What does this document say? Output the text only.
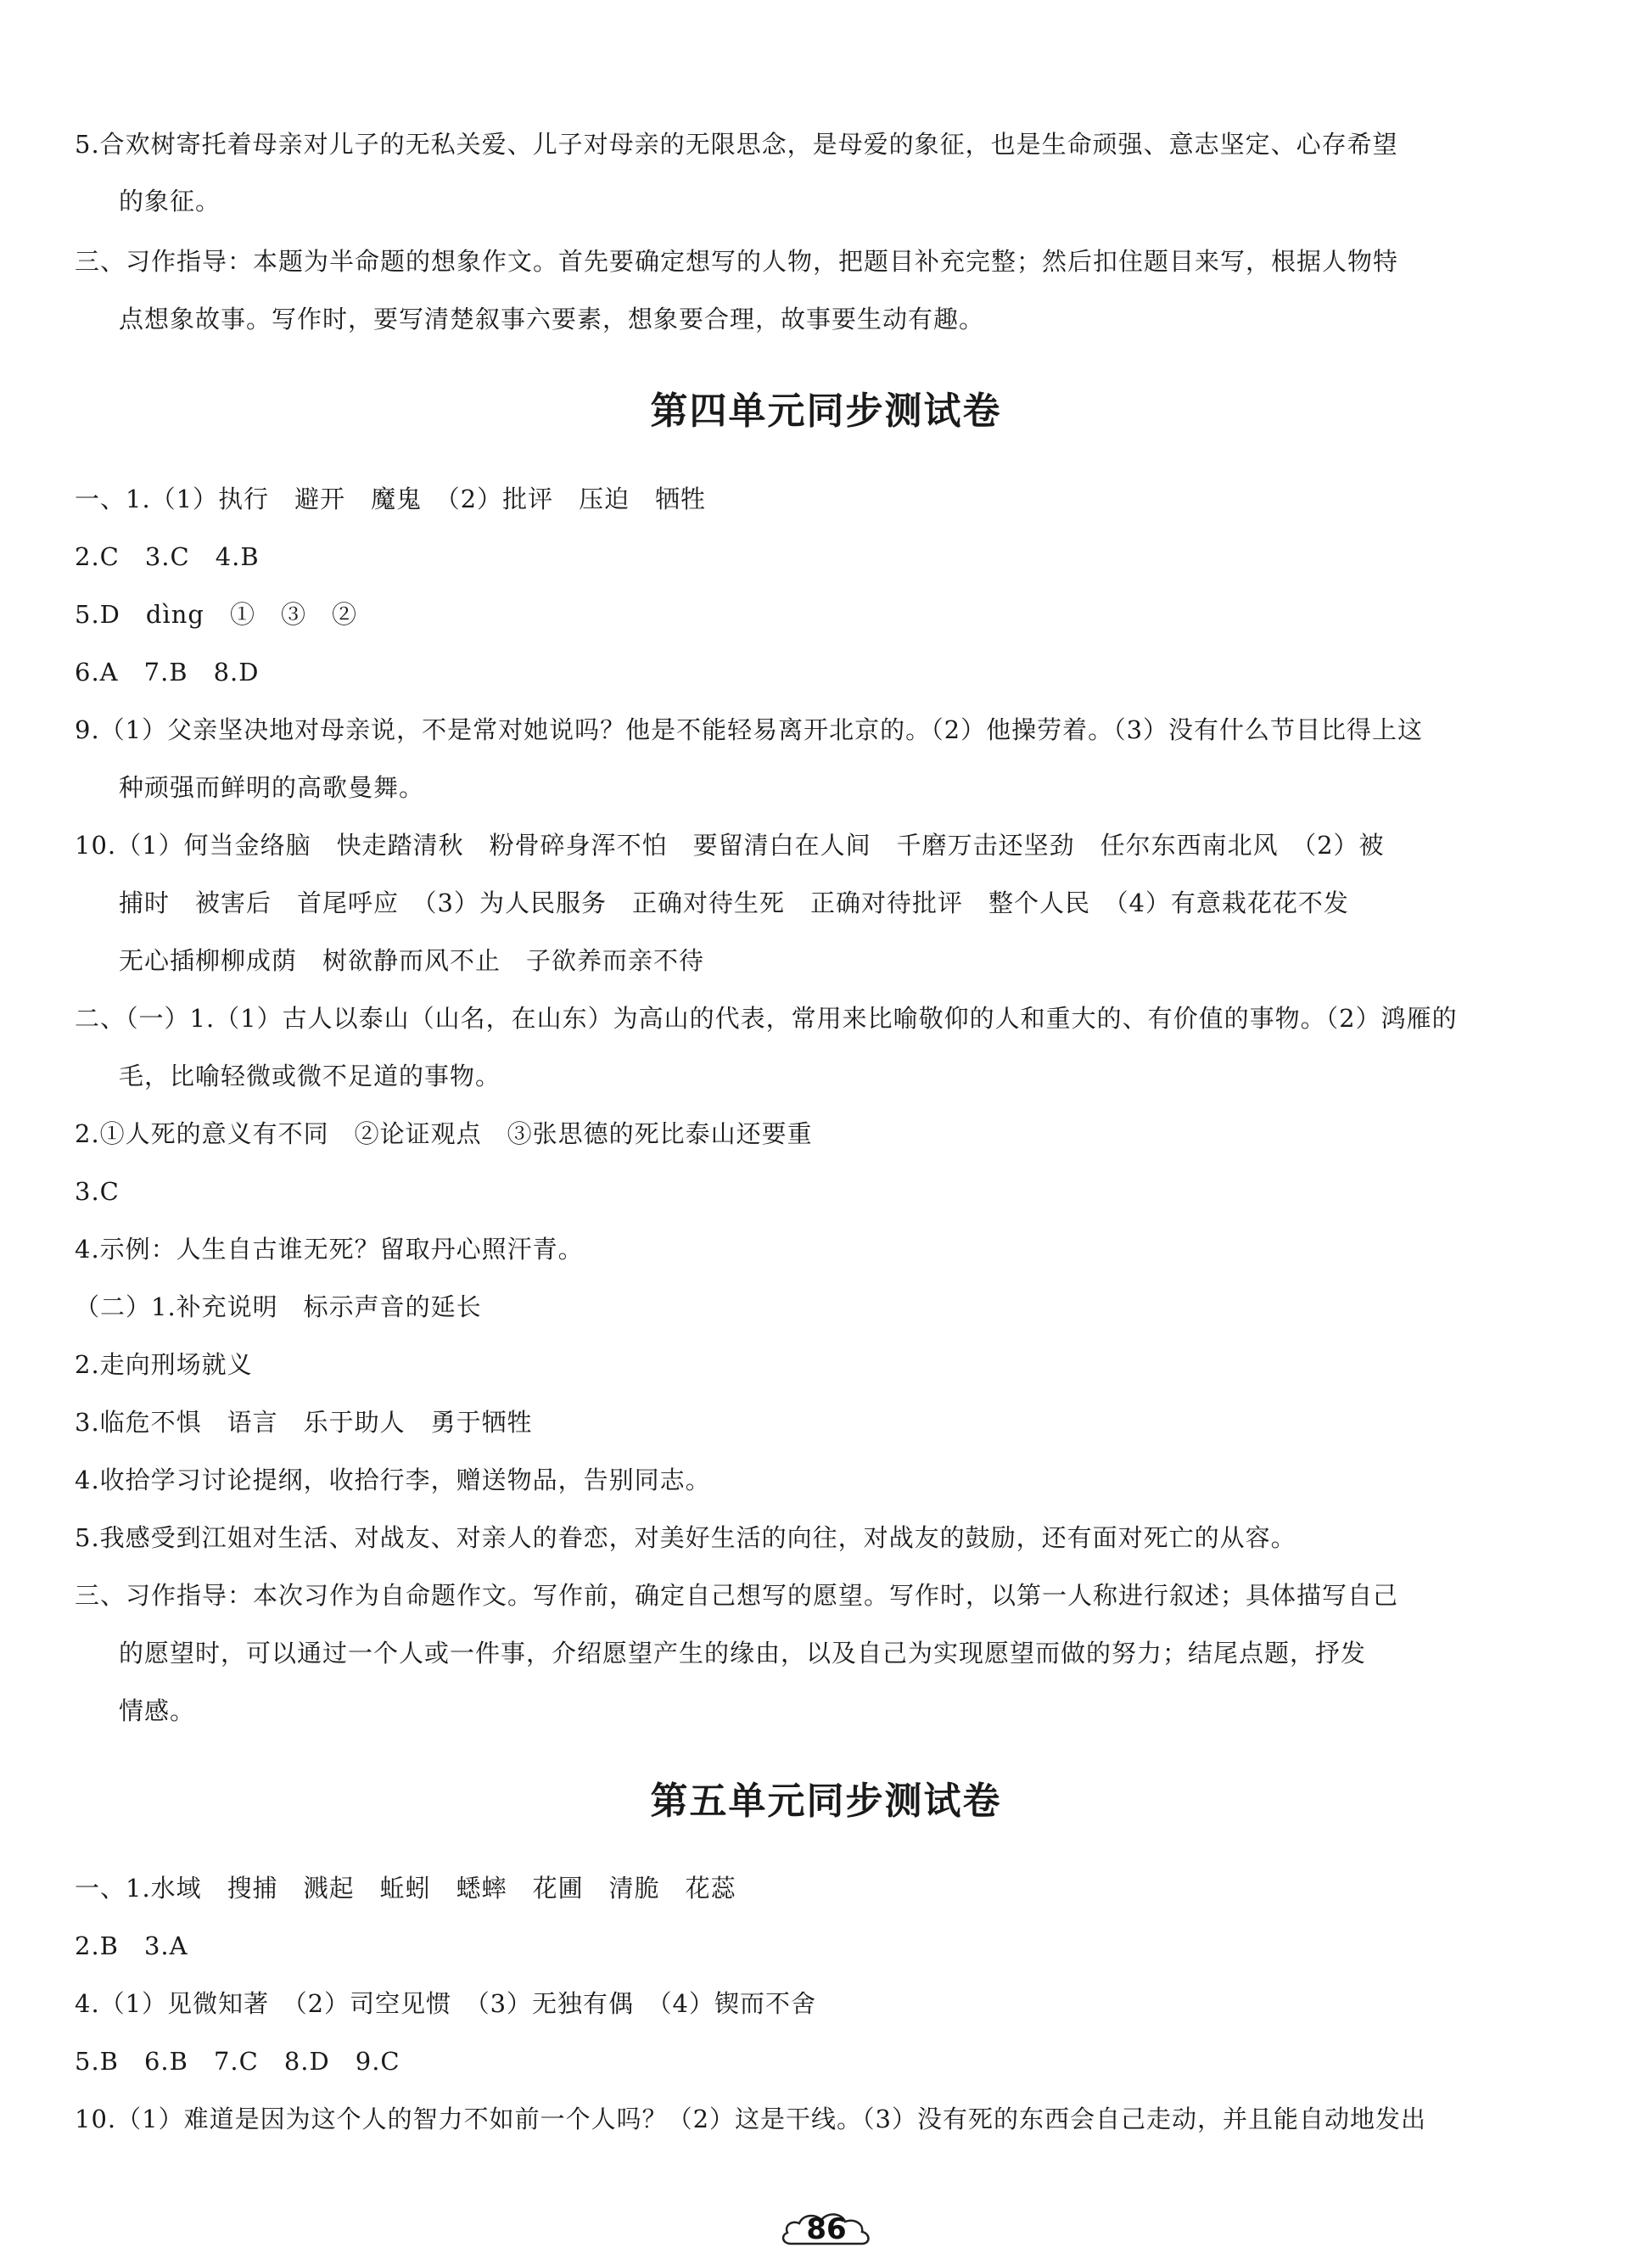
5.合欢树寄托着母亲对儿子的无私关爱、儿子对母亲的无限思念，是母爱的象征，也是生命顽强、意志坚定、心存希望
的象征。
三、习作指导：本题为半命题的想象作文。首先要确定想写的人物，把题目补充完整；然后扣住题目来写，根据人物特
点想象故事。写作时，要写清楚叙事六要素，想象要合理，故事要生动有趣。
第四单元同步测试卷
一、1.（1）执行　避开　魔鬼　（2）批评　压迫　牺牲
2.C　3.C　4.B
5.D　dìng　①　③　②
6.A　7.B　8.D
9.（1）父亲坚决地对母亲说，不是常对她说吗？他是不能轻易离开北京的。（2）他操劳着。（3）没有什么节目比得上这
种顽强而鲜明的高歌曼舞。
10.（1）何当金络脑　快走踏清秋　粉骨碎身浑不怕　要留清白在人间　千磨万击还坚劲　任尔东西南北风　（2）被
捕时　被害后　首尾呼应　（3）为人民服务　正确对待生死　正确对待批评　整个人民　（4）有意栽花花不发
无心插柳柳成荫　树欲静而风不止　子欲养而亲不待
二、（一）1.（1）古人以泰山（山名，在山东）为高山的代表，常用来比喻敬仰的人和重大的、有价值的事物。（2）鸿雁的
毛，比喻轻微或微不足道的事物。
2.①人死的意义有不同　②论证观点　③张思德的死比泰山还要重
3.C
4.示例：人生自古谁无死？留取丹心照汗青。
（二）1.补充说明　标示声音的延长
2.走向刑场就义
3.临危不惧　语言　乐于助人　勇于牺牲
4.收拾学习讨论提纲，收拾行李，赠送物品，告别同志。
5.我感受到江姐对生活、对战友、对亲人的眷恋，对美好生活的向往，对战友的鼓励，还有面对死亡的从容。
三、习作指导：本次习作为自命题作文。写作前，确定自己想写的愿望。写作时，以第一人称进行叙述；具体描写自己
的愿望时，可以通过一个人或一件事，介绍愿望产生的缘由，以及自己为实现愿望而做的努力；结尾点题，抒发
情感。
第五单元同步测试卷
一、1.水域　搜捕　溅起　蚯蚓　蟋蟀　花圃　清脆　花蕊
2.B　3.A
4.（1）见微知著　（2）司空见惯　（3）无独有偶　（4）锲而不舍
5.B　6.B　7.C　8.D　9.C
10.（1）难道是因为这个人的智力不如前一个人吗？（2）这是干线。（3）没有死的东西会自己走动，并且能自动地发出
86
